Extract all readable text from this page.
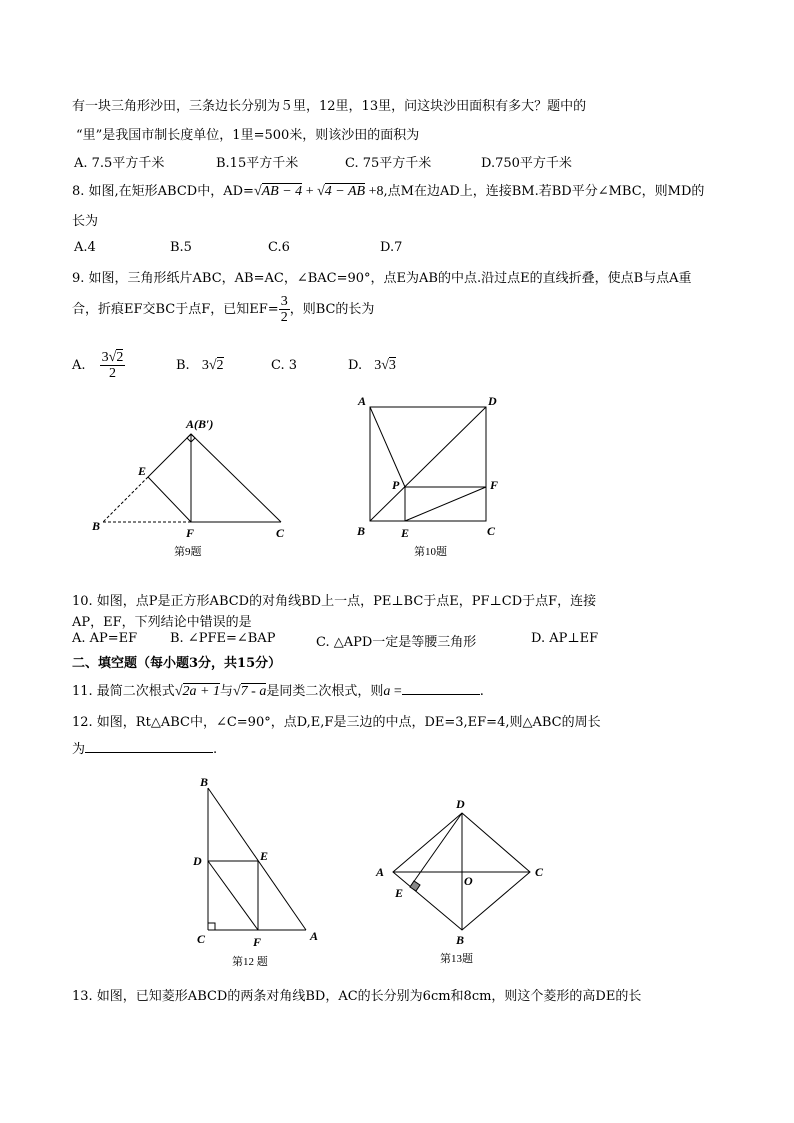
有一块三角形沙田，三条边长分别为５里，12里，13里，问这块沙田面积有多大？题中的
“里”是我国市制长度单位，1里=500米，则该沙田的面积为
A. 7.5平方千米	B.15平方千米	C. 75平方千米	D.750平方千米
8. 如图,在矩形ABCD中，AD=√AB − 4 + √4 − AB +8,点M在边AD上，连接BM.若BD平分∠MBC，则MD的
长为
A.4	B.5	C.6	D.7
9. 如图，三角形纸片ABC，AB=AC，∠BAC=90°，点E为AB的中点.沿过点E的直线折叠，使点B与点A重
合，折痕EF交BC于点F，已知$EF= \frac{3}{2}$ ，则BC的长为
A. $\frac{3√2}{2}$	B. 3√2	C. 3	D. 3√3
A(B′)
E
B	F	C
第9题
A	D
P	F
B	E	C
第10题
10. 如图，点P是正方形ABCD的对角线BD上一点，PE⊥BC于点E，PF⊥CD于点F，连接
AP，EF，下列结论中错误的是
A. AP=EF	B. ∠PFE=∠BAP	C. △APD一定是等腰三角形	D. AP⊥EF
二、填空题（每小题3分，共15分）
11. 最简二次根式√2a + 1与√7 - a是同类二次根式，则a =	.
12. 如图，Rt△ABC中，∠C=90°，点D,E,F是三边的中点，DE=3,EF=4,则△ABC的周长
为	.
B
D	E
C	F	A
第12 题
D
A	C
E
O
B
第13题
13. 如图，已知菱形ABCD的两条对角线BD，AC的长分别为6cm和8cm，则这个菱形的高DE的长
